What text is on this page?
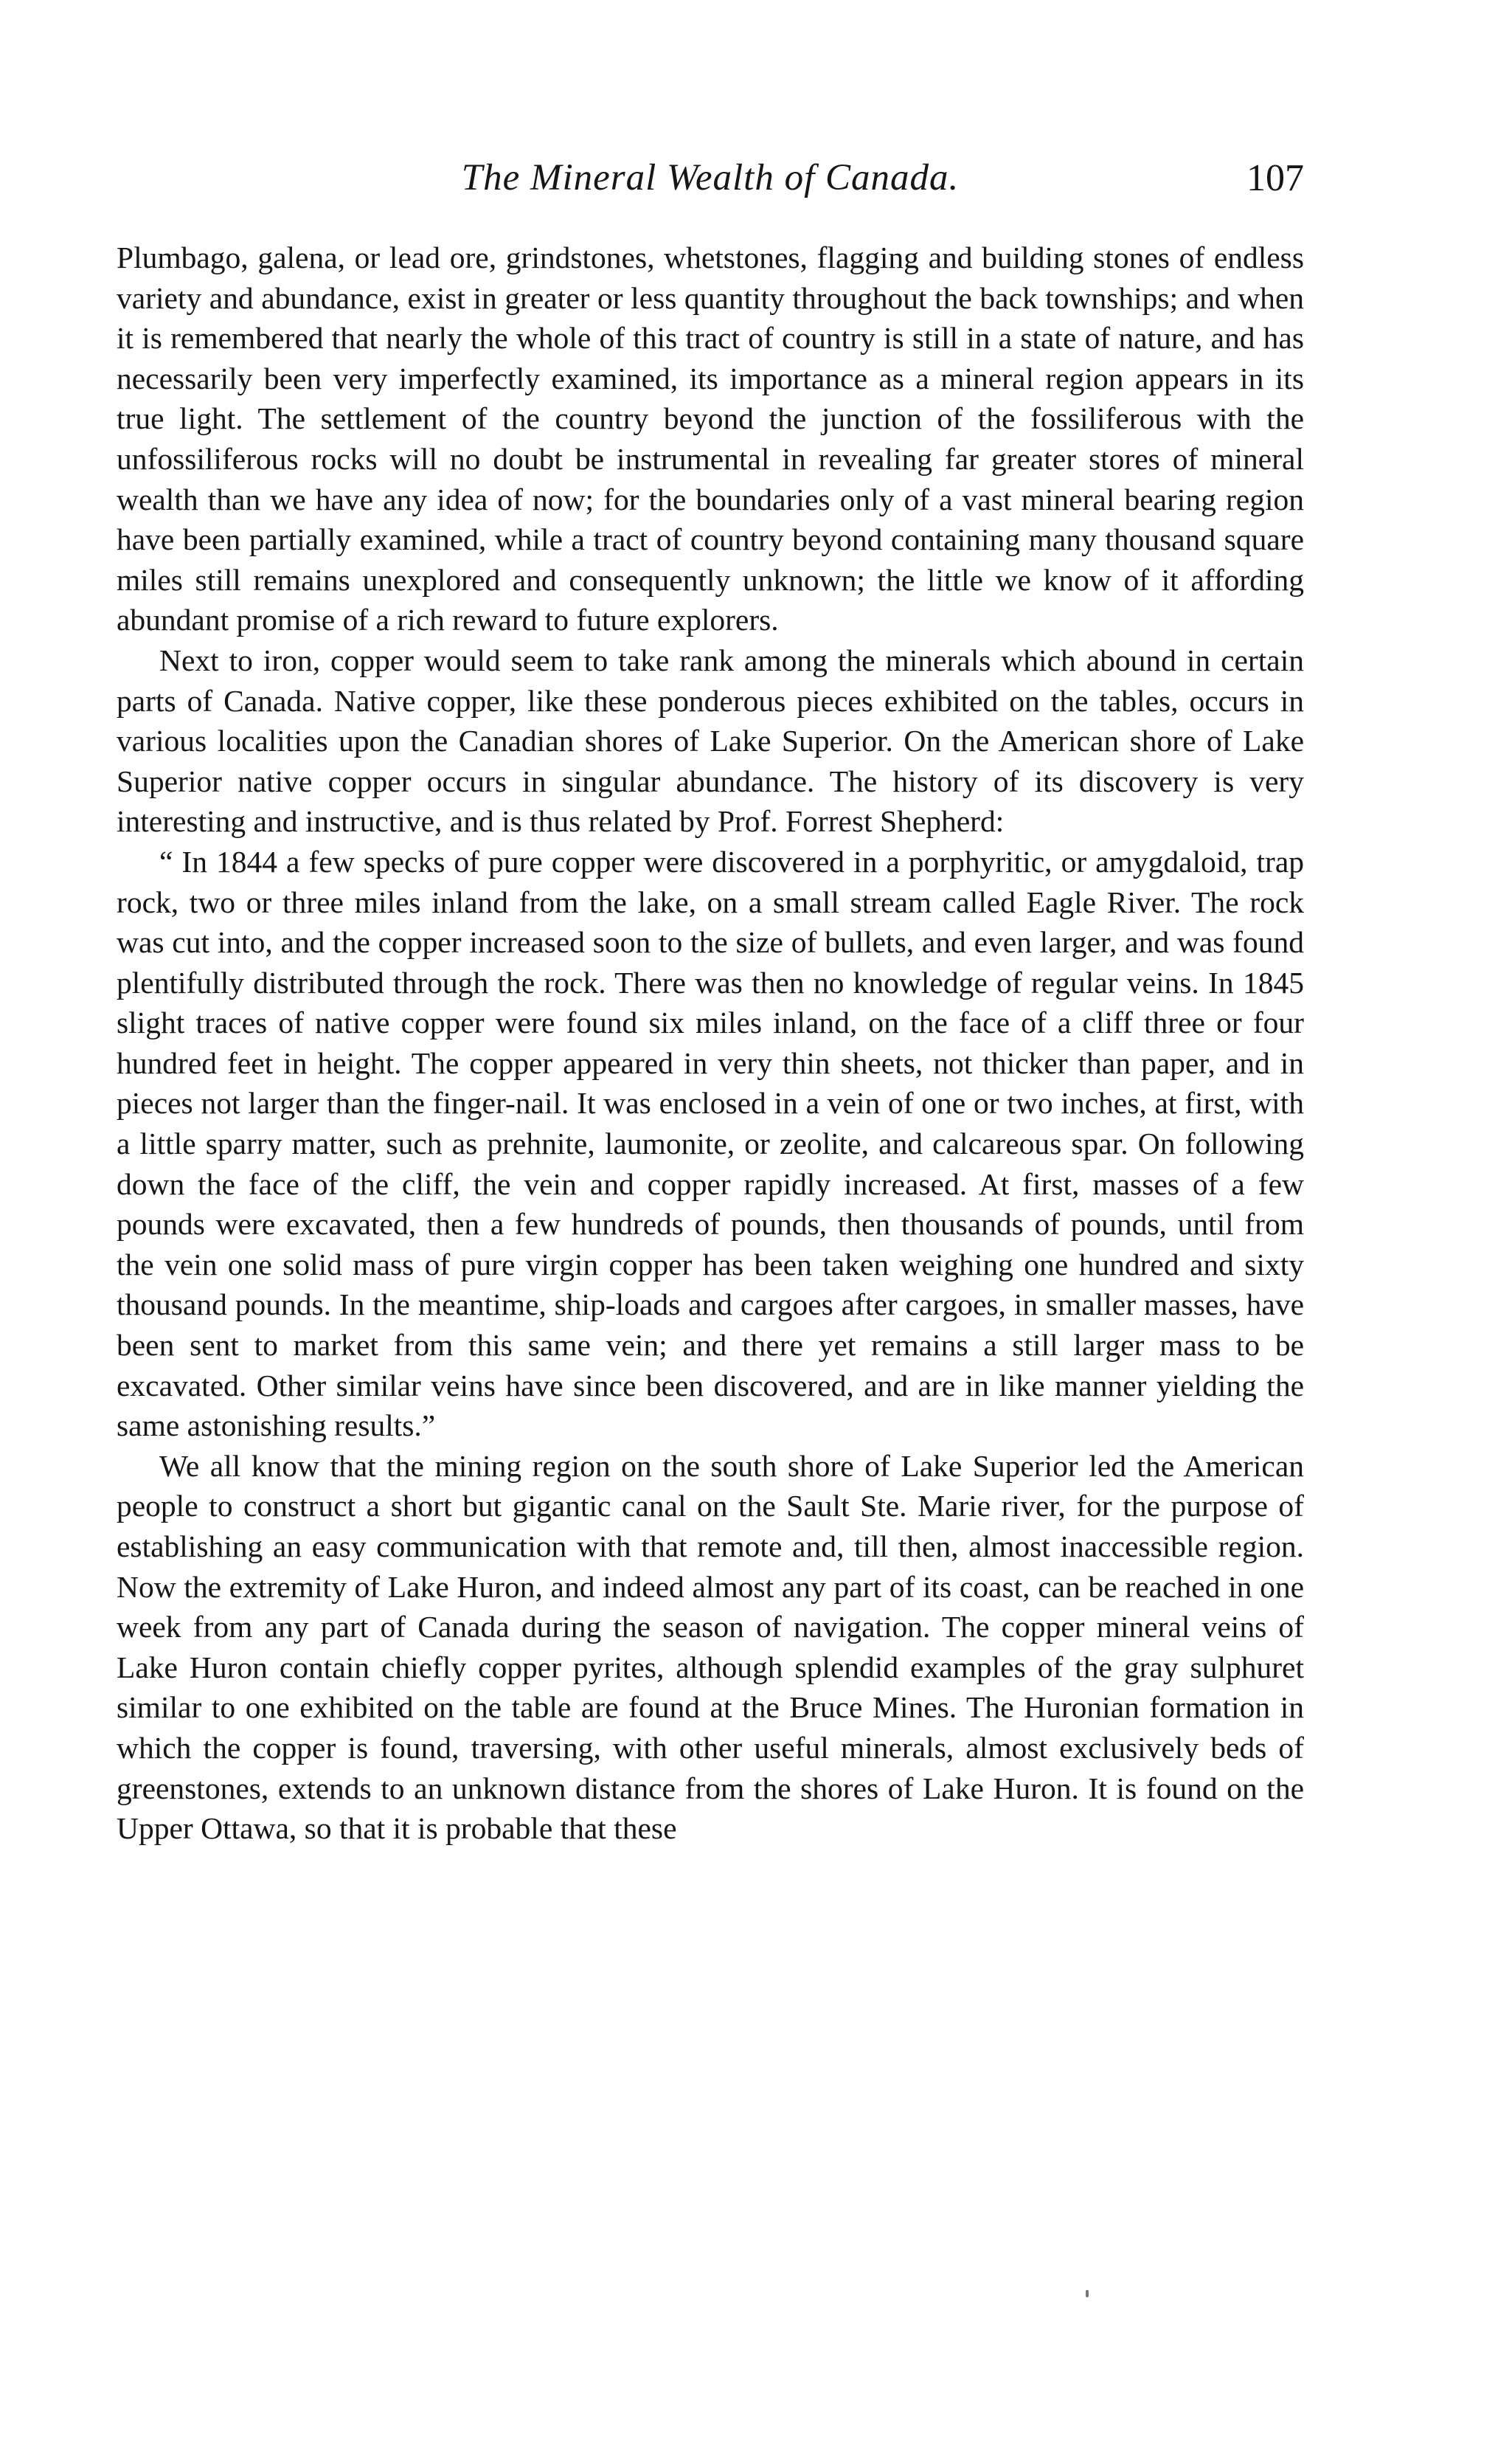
The Mineral Wealth of Canada.	107

Plumbago, galena, or lead ore, grindstones, whetstones, flagging and building stones of endless variety and abundance, exist in greater or less quantity throughout the back townships; and when it is remembered that nearly the whole of this tract of country is still in a state of nature, and has necessarily been very imperfectly examined, its importance as a mineral region appears in its true light. The settlement of the country beyond the junction of the fossiliferous with the unfossiliferous rocks will no doubt be instrumental in revealing far greater stores of mineral wealth than we have any idea of now; for the boundaries only of a vast mineral bearing region have been partially examined, while a tract of country beyond containing many thousand square miles still remains unexplored and consequently unknown; the little we know of it affording abundant promise of a rich reward to future explorers.

Next to iron, copper would seem to take rank among the minerals which abound in certain parts of Canada. Native copper, like these ponderous pieces exhibited on the tables, occurs in various localities upon the Canadian shores of Lake Superior. On the American shore of Lake Superior native copper occurs in singular abundance. The history of its discovery is very interesting and instructive, and is thus related by Prof. Forrest Shepherd:

“ In 1844 a few specks of pure copper were discovered in a porphyritic, or amygdaloid, trap rock, two or three miles inland from the lake, on a small stream called Eagle River. The rock was cut into, and the copper increased soon to the size of bullets, and even larger, and was found plentifully distributed through the rock. There was then no knowledge of regular veins. In 1845 slight traces of native copper were found six miles inland, on the face of a cliff three or four hundred feet in height. The copper appeared in very thin sheets, not thicker than paper, and in pieces not larger than the finger-nail. It was enclosed in a vein of one or two inches, at first, with a little sparry matter, such as prehnite, laumonite, or zeolite, and calcareous spar. On following down the face of the cliff, the vein and copper rapidly increased. At first, masses of a few pounds were excavated, then a few hundreds of pounds, then thousands of pounds, until from the vein one solid mass of pure virgin copper has been taken weighing one hundred and sixty thousand pounds. In the meantime, ship-loads and cargoes after cargoes, in smaller masses, have been sent to market from this same vein; and there yet remains a still larger mass to be excavated. Other similar veins have since been discovered, and are in like manner yielding the same astonishing results.”

We all know that the mining region on the south shore of Lake Superior led the American people to construct a short but gigantic canal on the Sault Ste. Marie river, for the purpose of establishing an easy communication with that remote and, till then, almost inaccessible region. Now the extremity of Lake Huron, and indeed almost any part of its coast, can be reached in one week from any part of Canada during the season of navigation. The copper mineral veins of Lake Huron contain chiefly copper pyrites, although splendid examples of the gray sulphuret similar to one exhibited on the table are found at the Bruce Mines. The Huronian formation in which the copper is found, traversing, with other useful minerals, almost exclusively beds of greenstones, extends to an unknown distance from the shores of Lake Huron. It is found on the Upper Ottawa, so that it is probable that these
